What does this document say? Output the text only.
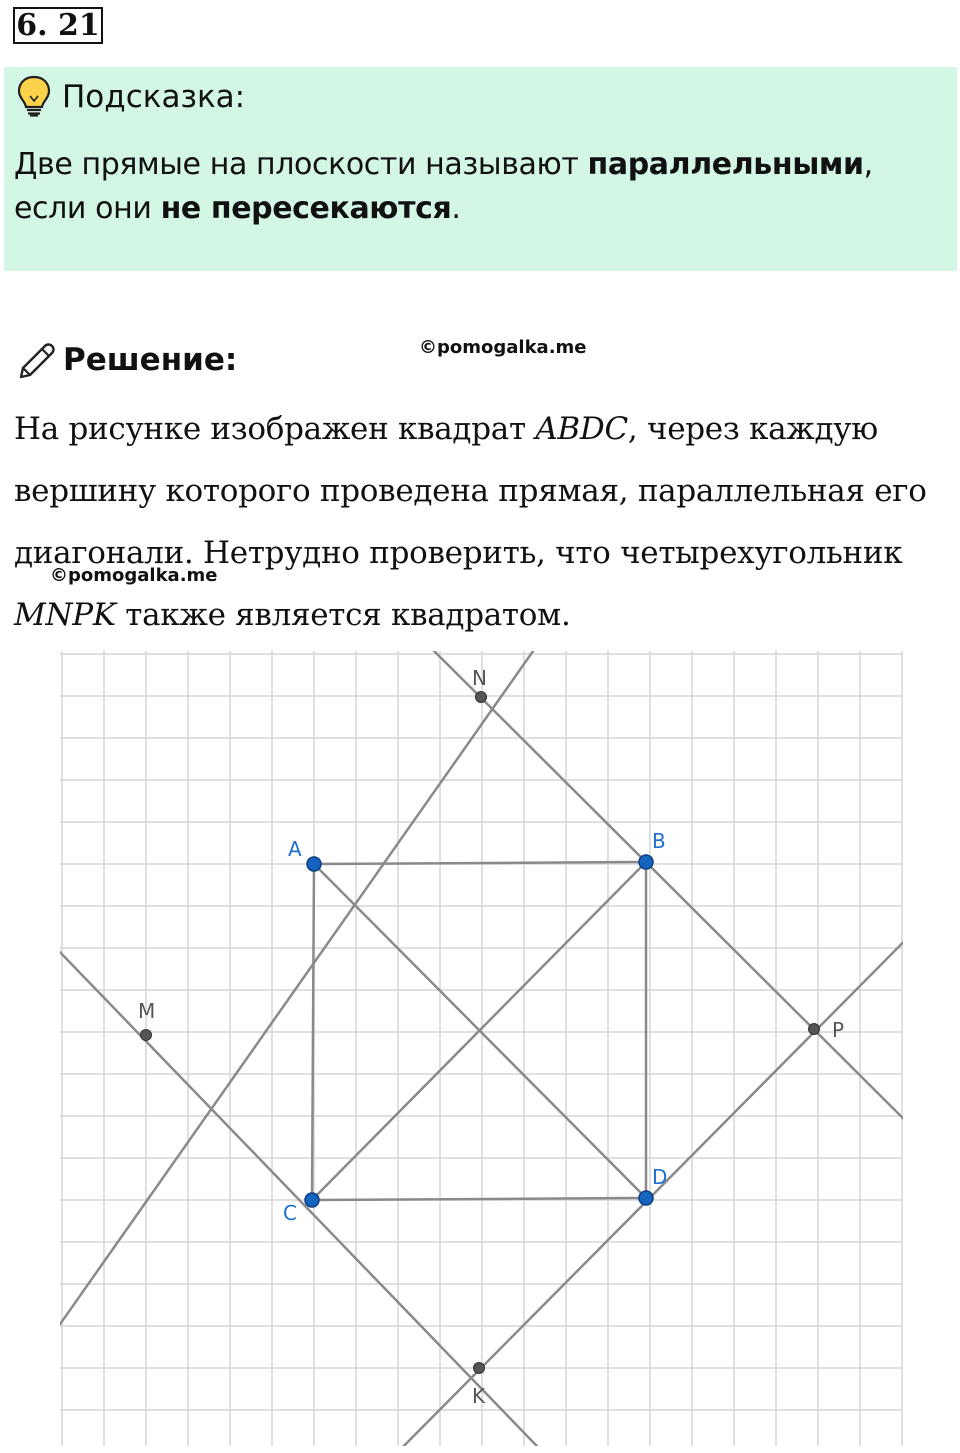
6. 21
Подсказка:
Две прямые на плоскости называют параллельными, если они не пересекаются.
Решение:	©pomogalka.me
На рисунке изображен квадрат ABDC, через каждую вершину которого проведена прямая, параллельная его диагонали. Нетрудно проверить, что четырехугольник MNPK также является квадратом.
©pomogalka.me
A	B
C
D
M
N
P
K
